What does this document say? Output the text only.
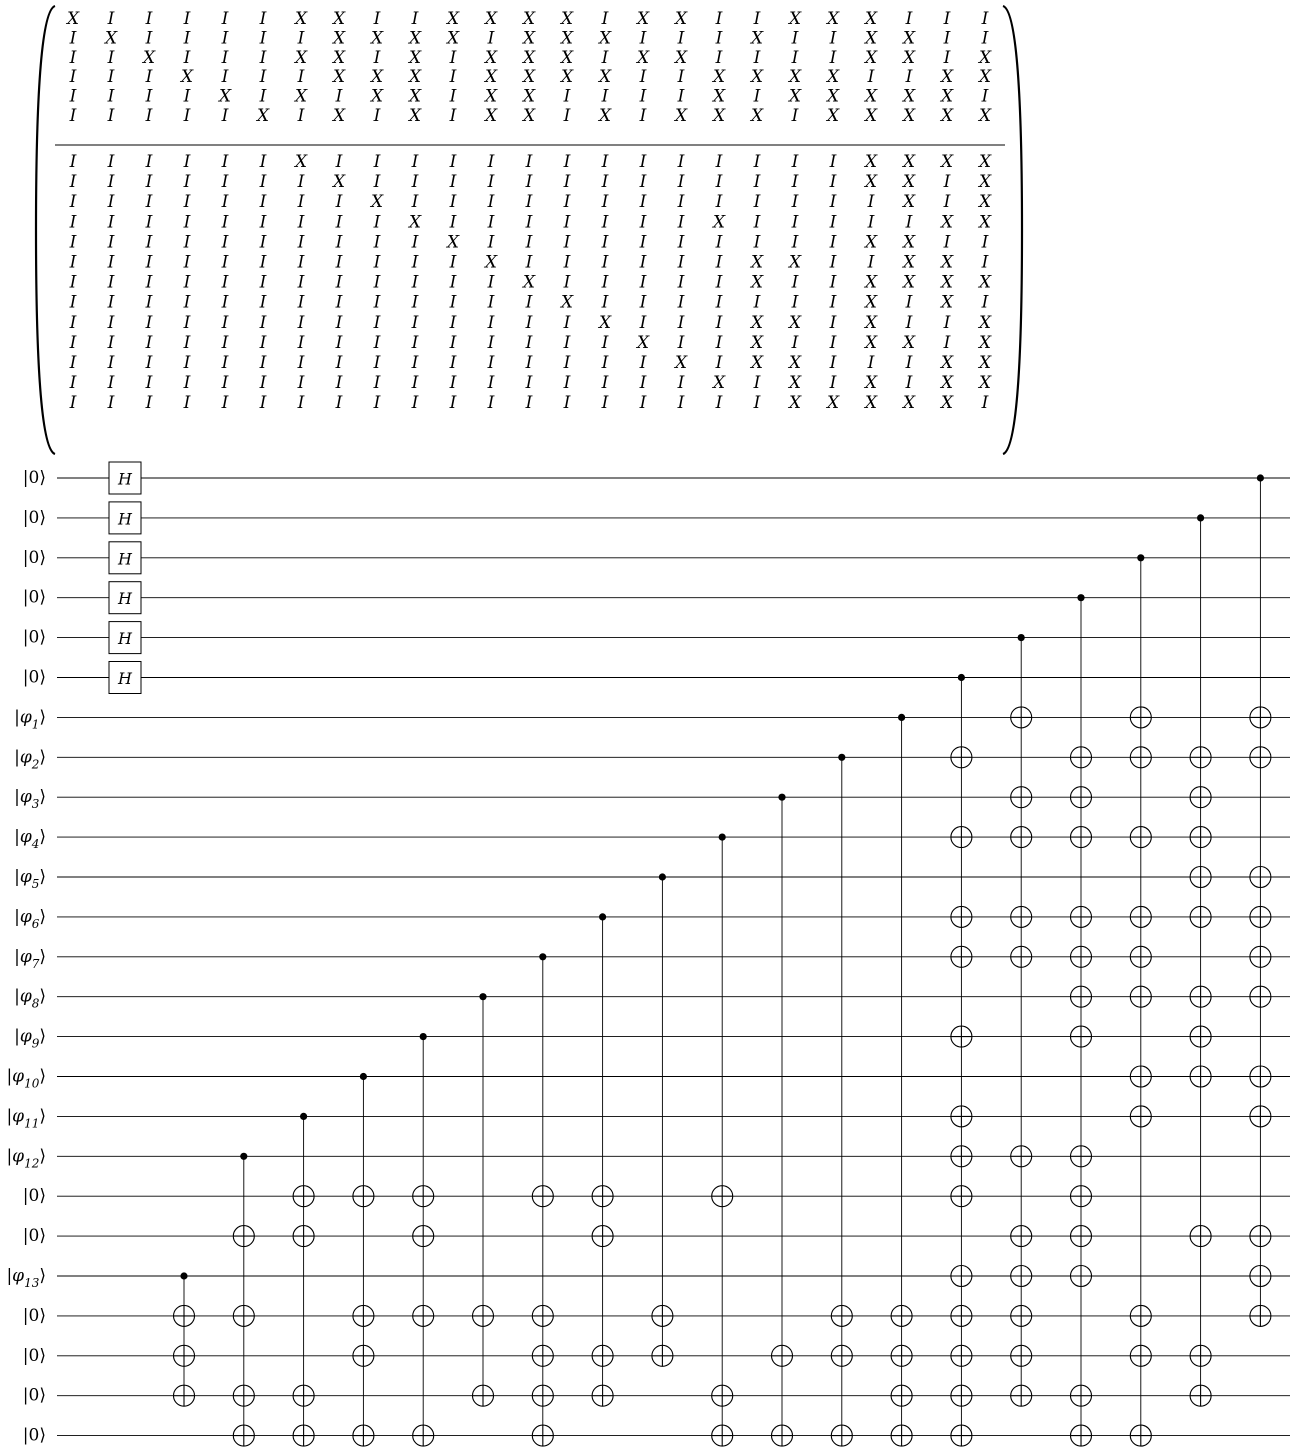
X I I I I I X X I I X X X X I X X I I X X X I I I
I X I I I I I X X X X I X X X I I I X I I X X I I
I I X I I I X X I X I X X X I X X I I I I X X I X
I I I X I I I X X X I X X X X I I X X X X I I X X
I I I I X I X I X X I X X I I I I X I X X X X X I
I I I I I X I X I X I X X I X I X X X I X X X X X
I I I I I I X I I I I I I I I I I I I I I X X X X
I I I I I I I X I I I I I I I I I I I I I X X I X
I I I I I I I I X I I I I I I I I I I I I I X I X
I I I I I I I I I X I I I I I I I X I I I I I X X
I I I I I I I I I I X I I I I I I I I I I X X I I
I I I I I I I I I I I X I I I I I I X X I I X X I
I I I I I I I I I I I I X I I I I I X I I X X X X
I I I I I I I I I I I I I X I I I I I I I X I X I
I I I I I I I I I I I I I I X I I I X X I X I I X
I I I I I I I I I I I I I I I X I I X I I X X I X
I I I I I I I I I I I I I I I I X I X X I I I X X
I I I I I I I I I I I I I I I I I X I X I X I X X
I I I I I I I I I I I I I I I I I I I X X X X X I
H
H
H
H
H
H
|0⟩
|0⟩
|0⟩
|0⟩
|0⟩
|0⟩
$|\varphi_1⟩$
$|\varphi_2⟩$
$|\varphi_3⟩$
$|\varphi_4⟩$
$|\varphi_5⟩$
$|\varphi_6⟩$
$|\varphi_7⟩$
$|\varphi_8⟩$
$|\varphi_9⟩$
$|\varphi_{10}⟩$
$|\varphi_{11}⟩$
$|\varphi_{12}⟩$
|0⟩
|0⟩
$|\varphi_{13}⟩$
|0⟩
|0⟩
|0⟩
|0⟩
